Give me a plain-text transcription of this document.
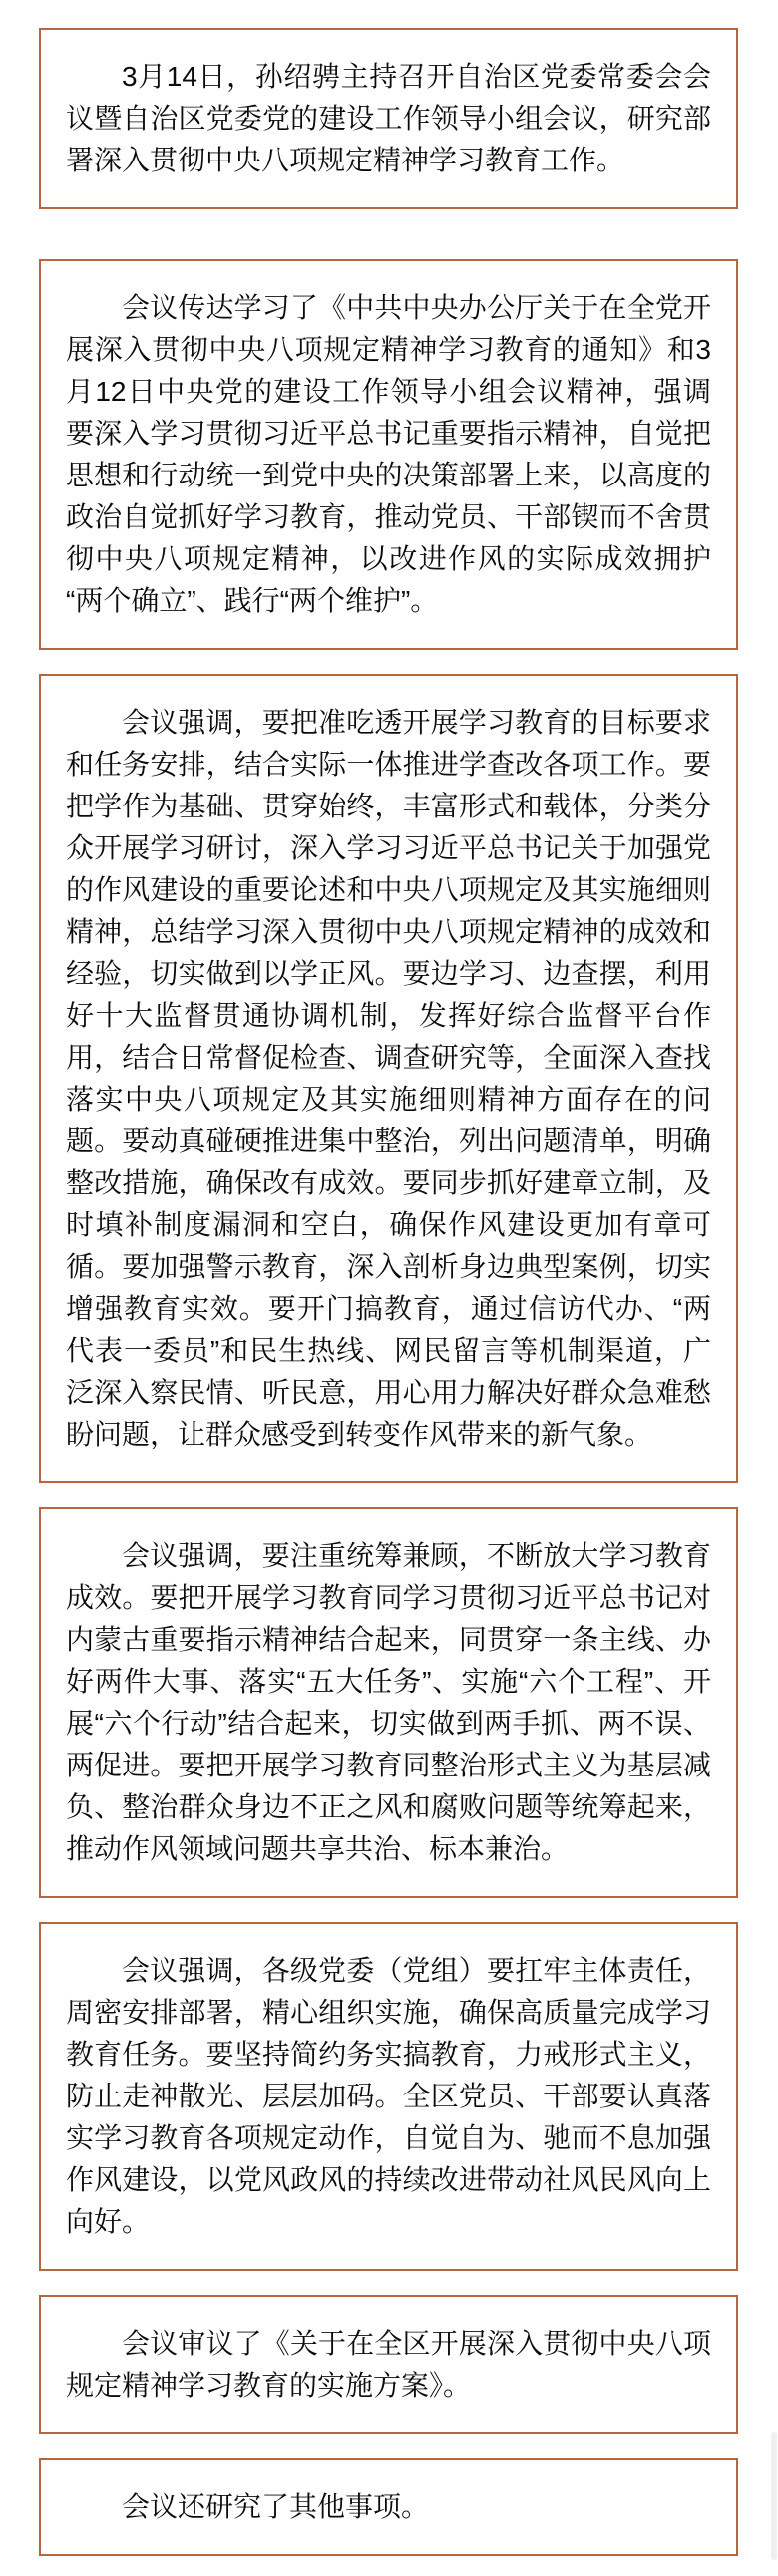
3月14日，孙绍骋主持召开自治区党委常委会会议暨自治区党委党的建设工作领导小组会议，研究部署深入贯彻中央八项规定精神学习教育工作。

会议传达学习了《中共中央办公厅关于在全党开展深入贯彻中央八项规定精神学习教育的通知》和3月12日中央党的建设工作领导小组会议精神，强调要深入学习贯彻习近平总书记重要指示精神，自觉把思想和行动统一到党中央的决策部署上来，以高度的政治自觉抓好学习教育，推动党员、干部锲而不舍贯彻中央八项规定精神，以改进作风的实际成效拥护“两个确立”、践行“两个维护”。

会议强调，要把准吃透开展学习教育的目标要求和任务安排，结合实际一体推进学查改各项工作。要把学作为基础、贯穿始终，丰富形式和载体，分类分众开展学习研讨，深入学习习近平总书记关于加强党的作风建设的重要论述和中央八项规定及其实施细则精神，总结学习深入贯彻中央八项规定精神的成效和经验，切实做到以学正风。要边学习、边查摆，利用好十大监督贯通协调机制，发挥好综合监督平台作用，结合日常督促检查、调查研究等，全面深入查找落实中央八项规定及其实施细则精神方面存在的问题。要动真碰硬推进集中整治，列出问题清单，明确整改措施，确保改有成效。要同步抓好建章立制，及时填补制度漏洞和空白，确保作风建设更加有章可循。要加强警示教育，深入剖析身边典型案例，切实增强教育实效。要开门搞教育，通过信访代办、“两代表一委员”和民生热线、网民留言等机制渠道，广泛深入察民情、听民意，用心用力解决好群众急难愁盼问题，让群众感受到转变作风带来的新气象。

会议强调，要注重统筹兼顾，不断放大学习教育成效。要把开展学习教育同学习贯彻习近平总书记对内蒙古重要指示精神结合起来，同贯穿一条主线、办好两件大事、落实“五大任务”、实施“六个工程”、开展“六个行动”结合起来，切实做到两手抓、两不误、两促进。要把开展学习教育同整治形式主义为基层减负、整治群众身边不正之风和腐败问题等统筹起来，推动作风领域问题共享共治、标本兼治。

会议强调，各级党委（党组）要扛牢主体责任，周密安排部署，精心组织实施，确保高质量完成学习教育任务。要坚持简约务实搞教育，力戒形式主义，防止走神散光、层层加码。全区党员、干部要认真落实学习教育各项规定动作，自觉自为、驰而不息加强作风建设，以党风政风的持续改进带动社风民风向上向好。

会议审议了《关于在全区开展深入贯彻中央八项规定精神学习教育的实施方案》。

会议还研究了其他事项。
